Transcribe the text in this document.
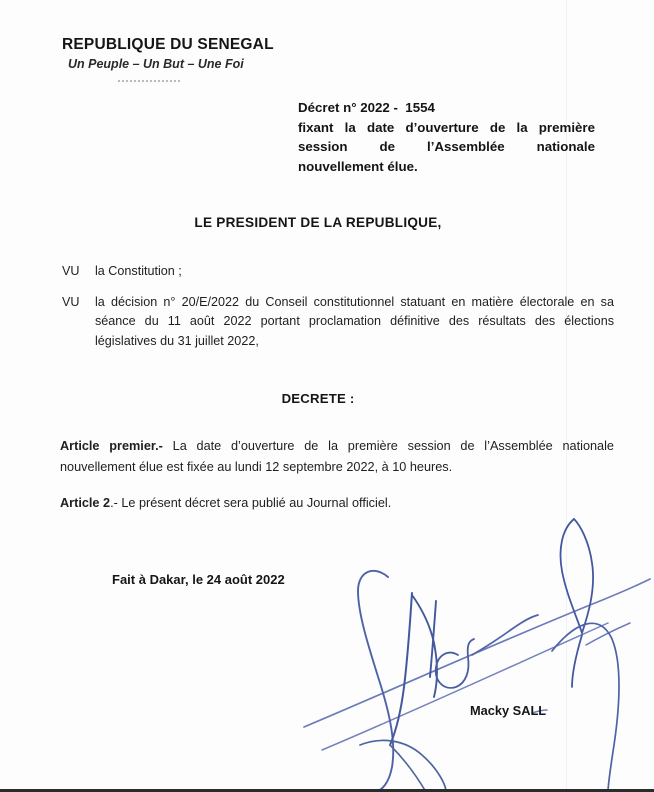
REPUBLIQUE DU SENEGAL
Un Peuple – Un But – Une Foi
Décret n° 2022 -  1554
fixant la date d’ouverture de la première session de l’Assemblée nationale nouvellement élue.
LE PRESIDENT DE LA REPUBLIQUE,
VU	la Constitution ;
VU	la décision n° 20/E/2022 du Conseil constitutionnel statuant en matière électorale en sa séance du 11 août 2022 portant proclamation définitive des résultats des élections législatives du 31 juillet 2022,
DECRETE :
Article premier.- La date d’ouverture de la première session de l’Assemblée nationale nouvellement élue est fixée au lundi 12 septembre 2022, à 10 heures.
Article 2.- Le présent décret sera publié au Journal officiel.
Fait à Dakar, le 24 août 2022
Macky SALL
